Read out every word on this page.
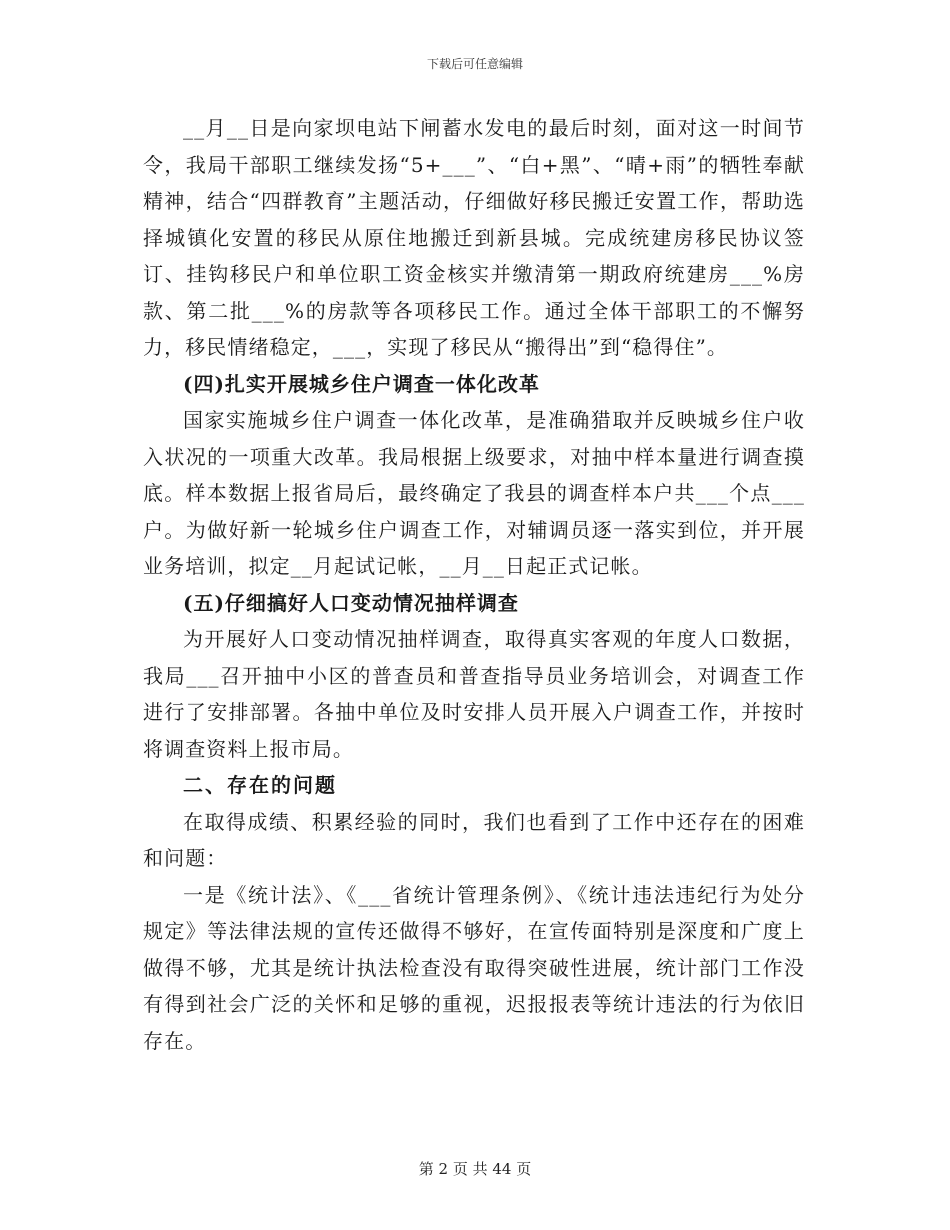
下载后可任意编辑

__月__日是向家坝电站下闸蓄水发电的最后时刻，面对这一时间节令，我局干部职工继续发扬“5+___”、“白+黑”、“晴+雨”的牺牲奉献精神，结合“四群教育”主题活动，仔细做好移民搬迁安置工作，帮助选择城镇化安置的移民从原住地搬迁到新县城。完成统建房移民协议签订、挂钩移民户和单位职工资金核实并缴清第一期政府统建房___%房款、第二批___%的房款等各项移民工作。通过全体干部职工的不懈努力，移民情绪稳定，___，实现了移民从“搬得出”到“稳得住”。

(四)扎实开展城乡住户调查一体化改革

国家实施城乡住户调查一体化改革，是准确猎取并反映城乡住户收入状况的一项重大改革。我局根据上级要求，对抽中样本量进行调查摸底。样本数据上报省局后，最终确定了我县的调查样本户共___个点___户。为做好新一轮城乡住户调查工作，对辅调员逐一落实到位，并开展业务培训，拟定__月起试记帐，__月__日起正式记帐。

(五)仔细搞好人口变动情况抽样调查

为开展好人口变动情况抽样调查，取得真实客观的年度人口数据，我局___召开抽中小区的普查员和普查指导员业务培训会，对调查工作进行了安排部署。各抽中单位及时安排人员开展入户调查工作，并按时将调查资料上报市局。

二、存在的问题

在取得成绩、积累经验的同时，我们也看到了工作中还存在的困难和问题：

一是《统计法》、《___省统计管理条例》、《统计违法违纪行为处分规定》等法律法规的宣传还做得不够好，在宣传面特别是深度和广度上做得不够，尤其是统计执法检查没有取得突破性进展，统计部门工作没有得到社会广泛的关怀和足够的重视，迟报报表等统计违法的行为依旧存在。

第 2 页 共 44 页
